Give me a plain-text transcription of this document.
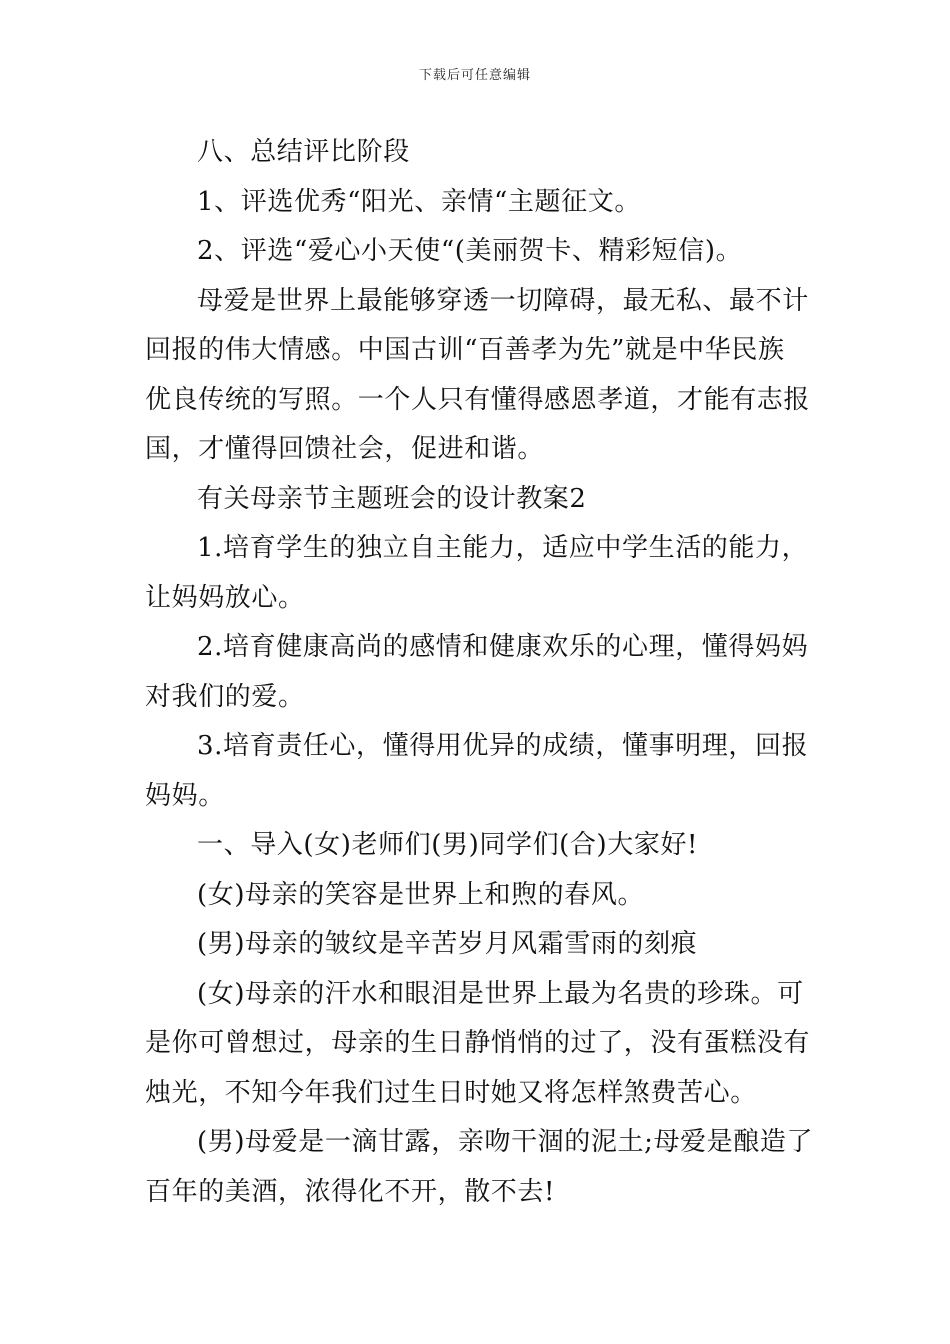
下载后可任意编辑
八、总结评比阶段
1、评选优秀“阳光、亲情“主题征文。
2、评选“爱心小天使“(美丽贺卡、精彩短信)。
母爱是世界上最能够穿透一切障碍，最无私、最不计
回报的伟大情感。中国古训“百善孝为先”就是中华民族
优良传统的写照。一个人只有懂得感恩孝道，才能有志报
国，才懂得回馈社会，促进和谐。
有关母亲节主题班会的设计教案2
1.培育学生的独立自主能力，适应中学生活的能力，
让妈妈放心。
2.培育健康高尚的感情和健康欢乐的心理，懂得妈妈
对我们的爱。
3.培育责任心，懂得用优异的成绩，懂事明理，回报
妈妈。
一、导入(女)老师们(男)同学们(合)大家好!
(女)母亲的笑容是世界上和煦的春风。
(男)母亲的皱纹是辛苦岁月风霜雪雨的刻痕
(女)母亲的汗水和眼泪是世界上最为名贵的珍珠。可
是你可曾想过，母亲的生日静悄悄的过了，没有蛋糕没有
烛光，不知今年我们过生日时她又将怎样煞费苦心。
(男)母爱是一滴甘露，亲吻干涸的泥土;母爱是酿造了
百年的美酒，浓得化不开，散不去!
